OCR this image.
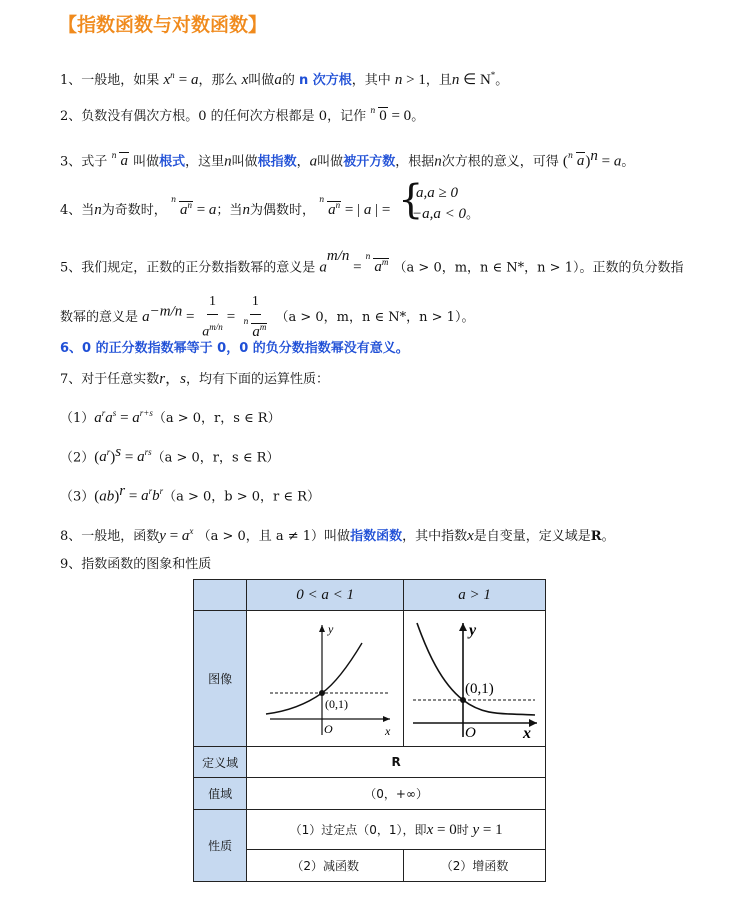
【指数函数与对数函数】
1、一般地，如果 $x^n = a$，那么 x叫做a的 n 次方根，其中 n > 1，且n ∈ N*。
2、负数没有偶次方根。0 的任何次方根都是 0，记作 n 0 = 0。
3、式子 n a 叫做根式，这里n叫做根指数，a叫做被开方数，根据n次方根的意义，可得 ( n a)$^n$ = a。
4、当n为奇数时，
n
$a^n = a$；当n为偶数时，
n
$a^n$ = | a | = {
a,a ≥ 0
−a,a < 0。
5、我们规定，正数的正分数指数幂的意义是 $a^{m/n}$ =
n
$a^m$ （a > 0，m，n ∈ N*，n > 1）。正数的负分数指
数幂的意义是 $a^{-m/n} = \frac{1}{a^{m/n}} = 1$
n
$a^m$ （a > 0，m，n ∈ N*，n > 1）。
6、0 的正分数指数幂等于 0，0 的负分数指数幂没有意义。
7、对于任意实数r，s，均有下面的运算性质：
$(1)a^ra^s = a^{r+s}(a > 0$，r，s ∈ R）
$(2)(a^r)^s = a^{rs}(a > 0$，r，s ∈ R）
$(3)(ab)^r = a^rb^r(a > 0$，b > 0，r ∈ R）
8、一般地，函数$y = a^x$ （a > 0，且 a ≠ 1）叫做指数函数，其中指数x是自变量，定义域是R。
9、指数函数的图象和性质
	0 < a < 1	a > 1
图像	y
x
O
(0,1)	y
x
O
(0,1)

定义域	R	
值域	（0，+∞）	
性质	（1）过定点（0，1），即x = 0时 y = 1	
	（2）减函数	（2）增函数
